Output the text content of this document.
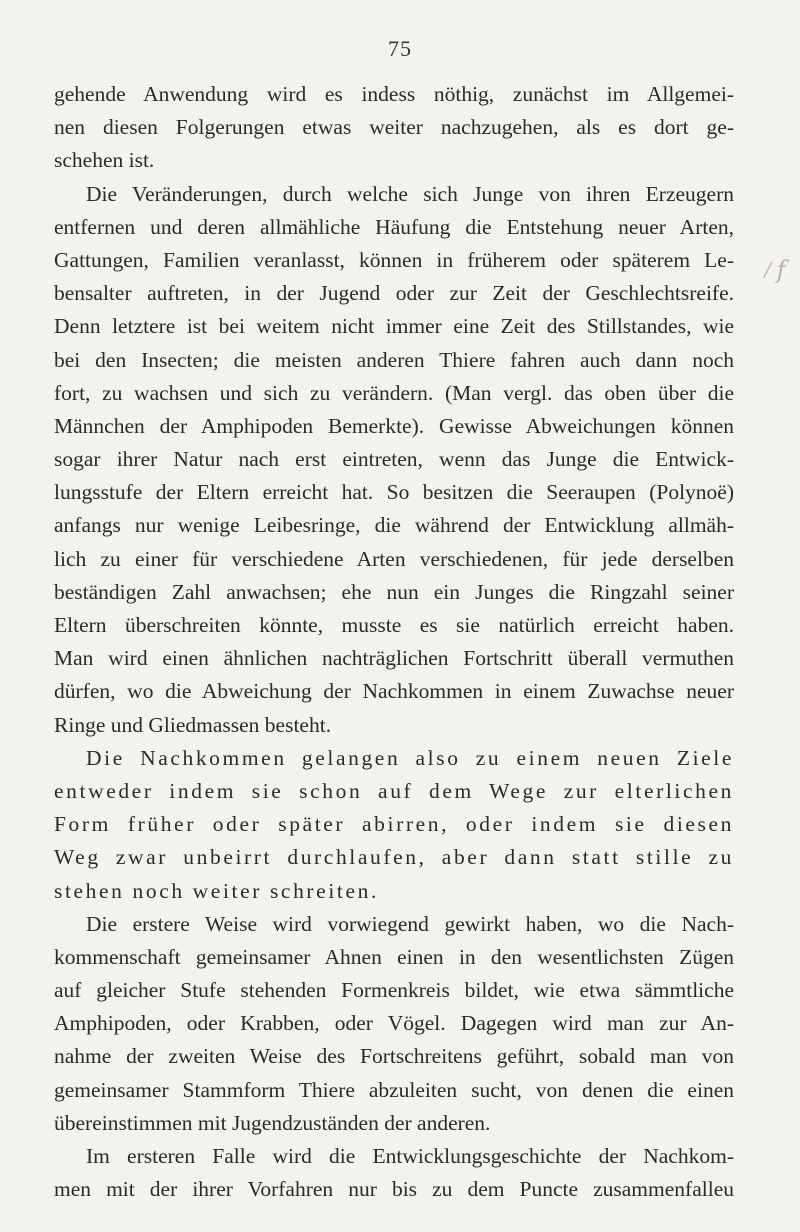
75
/ 𝑓
gehende Anwendung wird es indess nöthig, zunächst im Allgemei-
nen diesen Folgerungen etwas weiter nachzugehen, als es dort ge-
schehen ist.
Die Veränderungen, durch welche sich Junge von ihren Erzeugern
entfernen und deren allmähliche Häufung die Entstehung neuer Arten,
Gattungen, Familien veranlasst, können in früherem oder späterem Le-
bensalter auftreten, in der Jugend oder zur Zeit der Geschlechtsreife.
Denn letztere ist bei weitem nicht immer eine Zeit des Stillstandes, wie
bei den Insecten; die meisten anderen Thiere fahren auch dann noch
fort, zu wachsen und sich zu verändern. (Man vergl. das oben über die
Männchen der Amphipoden Bemerkte). Gewisse Abweichungen können
sogar ihrer Natur nach erst eintreten, wenn das Junge die Entwick-
lungsstufe der Eltern erreicht hat. So besitzen die Seeraupen (Polynoë)
anfangs nur wenige Leibesringe, die während der Entwicklung allmäh-
lich zu einer für verschiedene Arten verschiedenen, für jede derselben
beständigen Zahl anwachsen; ehe nun ein Junges die Ringzahl seiner
Eltern überschreiten könnte, musste es sie natürlich erreicht haben.
Man wird einen ähnlichen nachträglichen Fortschritt überall vermuthen
dürfen, wo die Abweichung der Nachkommen in einem Zuwachse neuer
Ringe und Gliedmassen besteht.
Die Nachkommen gelangen also zu einem neuen Ziele
entweder indem sie schon auf dem Wege zur elterlichen
Form früher oder später abirren, oder indem sie diesen
Weg zwar unbeirrt durchlaufen, aber dann statt stille zu
stehen noch weiter schreiten.
Die erstere Weise wird vorwiegend gewirkt haben, wo die Nach-
kommenschaft gemeinsamer Ahnen einen in den wesentlichsten Zügen
auf gleicher Stufe stehenden Formenkreis bildet, wie etwa sämmtliche
Amphipoden, oder Krabben, oder Vögel. Dagegen wird man zur An-
nahme der zweiten Weise des Fortschreitens geführt, sobald man von
gemeinsamer Stammform Thiere abzuleiten sucht, von denen die einen
übereinstimmen mit Jugendzuständen der anderen.
Im ersteren Falle wird die Entwicklungsgeschichte der Nachkom-
men mit der ihrer Vorfahren nur bis zu dem Puncte zusammenfalleu
